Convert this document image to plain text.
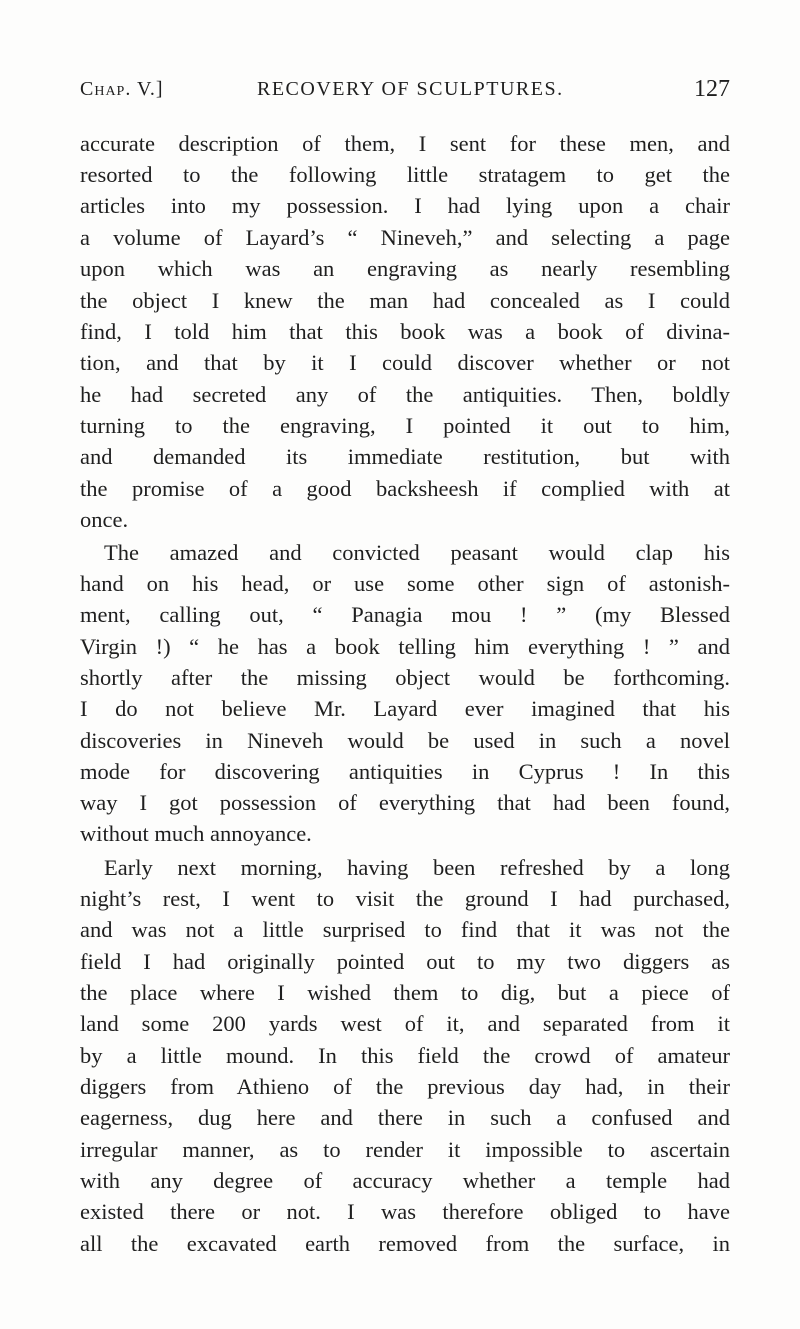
Chap. V.]	RECOVERY OF SCULPTURES.	127
accurate description of them, I sent for these men, and
resorted to the following little stratagem to get the
articles into my possession. I had lying upon a chair
a volume of Layard’s “ Nineveh,” and selecting a page
upon which was an engraving as nearly resembling
the object I knew the man had concealed as I could
find, I told him that this book was a book of divina-
tion, and that by it I could discover whether or not
he had secreted any of the antiquities. Then, boldly
turning to the engraving, I pointed it out to him,
and demanded its immediate restitution, but with
the promise of a good backsheesh if complied with at
once.
The amazed and convicted peasant would clap his
hand on his head, or use some other sign of astonish-
ment, calling out, “ Panagia mou ! ” (my Blessed
Virgin !) “ he has a book telling him everything ! ” and
shortly after the missing object would be forthcoming.
I do not believe Mr. Layard ever imagined that his
discoveries in Nineveh would be used in such a novel
mode for discovering antiquities in Cyprus ! In this
way I got possession of everything that had been found,
without much annoyance.
Early next morning, having been refreshed by a long
night’s rest, I went to visit the ground I had purchased,
and was not a little surprised to find that it was not the
field I had originally pointed out to my two diggers as
the place where I wished them to dig, but a piece of
land some 200 yards west of it, and separated from it
by a little mound. In this field the crowd of amateur
diggers from Athieno of the previous day had, in their
eagerness, dug here and there in such a confused and
irregular manner, as to render it impossible to ascertain
with any degree of accuracy whether a temple had
existed there or not. I was therefore obliged to have
all the excavated earth removed from the surface, in
